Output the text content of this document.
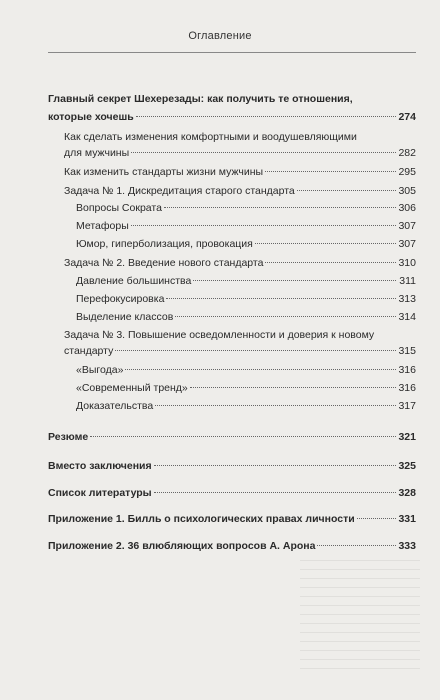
Оглавление
Главный секрет Шехерезады: как получить те отношения,
которые хочешь	274
Как сделать изменения комфортными и воодушевляющими
для мужчины	282
Как изменить стандарты жизни мужчины	295
Задача № 1. Дискредитация старого стандарта	305
Вопросы Сократа	306
Метафоры	307
Юмор, гиперболизация, провокация	307
Задача № 2. Введение нового стандарта	310
Давление большинства	311
Перефокусировка	313
Выделение классов	314
Задача № 3. Повышение осведомленности и доверия к новому
стандарту	315
«Выгода»	316
«Современный тренд»	316
Доказательства	317
Резюме	321
Вместо заключения	325
Список литературы	328
Приложение 1. Билль о психологических правах личности	331
Приложение 2. 36 влюбляющих вопросов А. Арона	333
